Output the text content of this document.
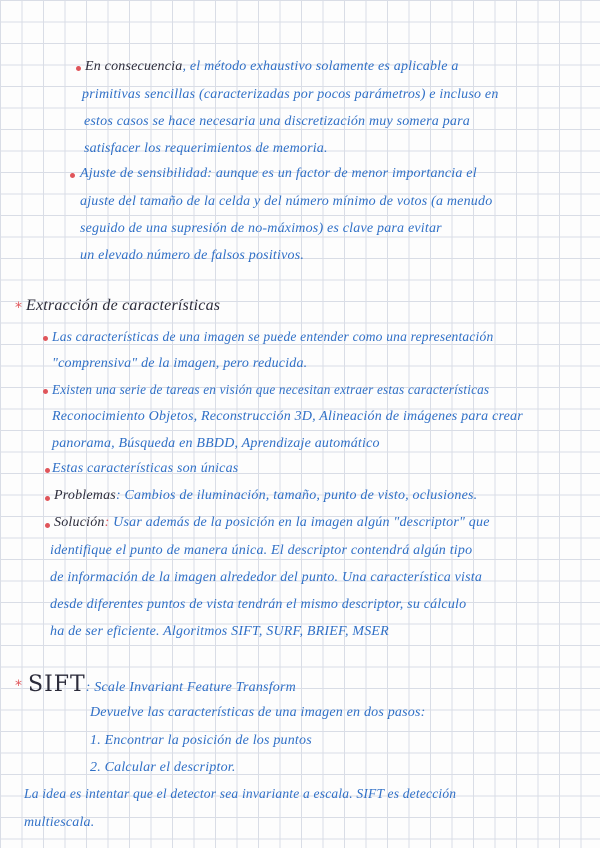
En consecuencia, el método exhaustivo solamente es aplicable a
primitivas sencillas (caracterizadas por pocos parámetros) e incluso en
estos casos se hace necesaria una discretización muy somera para
satisfacer los requerimientos de memoria.
Ajuste de sensibilidad: aunque es un factor de menor importancia el
ajuste del tamaño de la celda y del número mínimo de votos (a menudo
seguido de una supresión de no-máximos) es clave para evitar
un elevado número de falsos positivos.
* Extracción de características
Las características de una imagen se puede entender como una representación
"comprensiva" de la imagen, pero reducida.
Existen una serie de tareas en visión que necesitan extraer estas características
Reconocimiento Objetos, Reconstrucción 3D, Alineación de imágenes para crear
panorama, Búsqueda en BBDD, Aprendizaje automático
Estas características son únicas
Problemas: Cambios de iluminación, tamaño, punto de visto, oclusiones.
Solución: Usar además de la posición en la imagen algún "descriptor" que
identifique el punto de manera única. El descriptor contendrá algún tipo
de información de la imagen alrededor del punto. Una característica vista
desde diferentes puntos de vista tendrán el mismo descriptor, su cálculo
ha de ser eficiente. Algoritmos SIFT, SURF, BRIEF, MSER
* SIFT: Scale Invariant Feature Transform
Devuelve las características de una imagen en dos pasos:
1. Encontrar la posición de los puntos
2. Calcular el descriptor.
La idea es intentar que el detector sea invariante a escala. SIFT es detección
multiescala.
